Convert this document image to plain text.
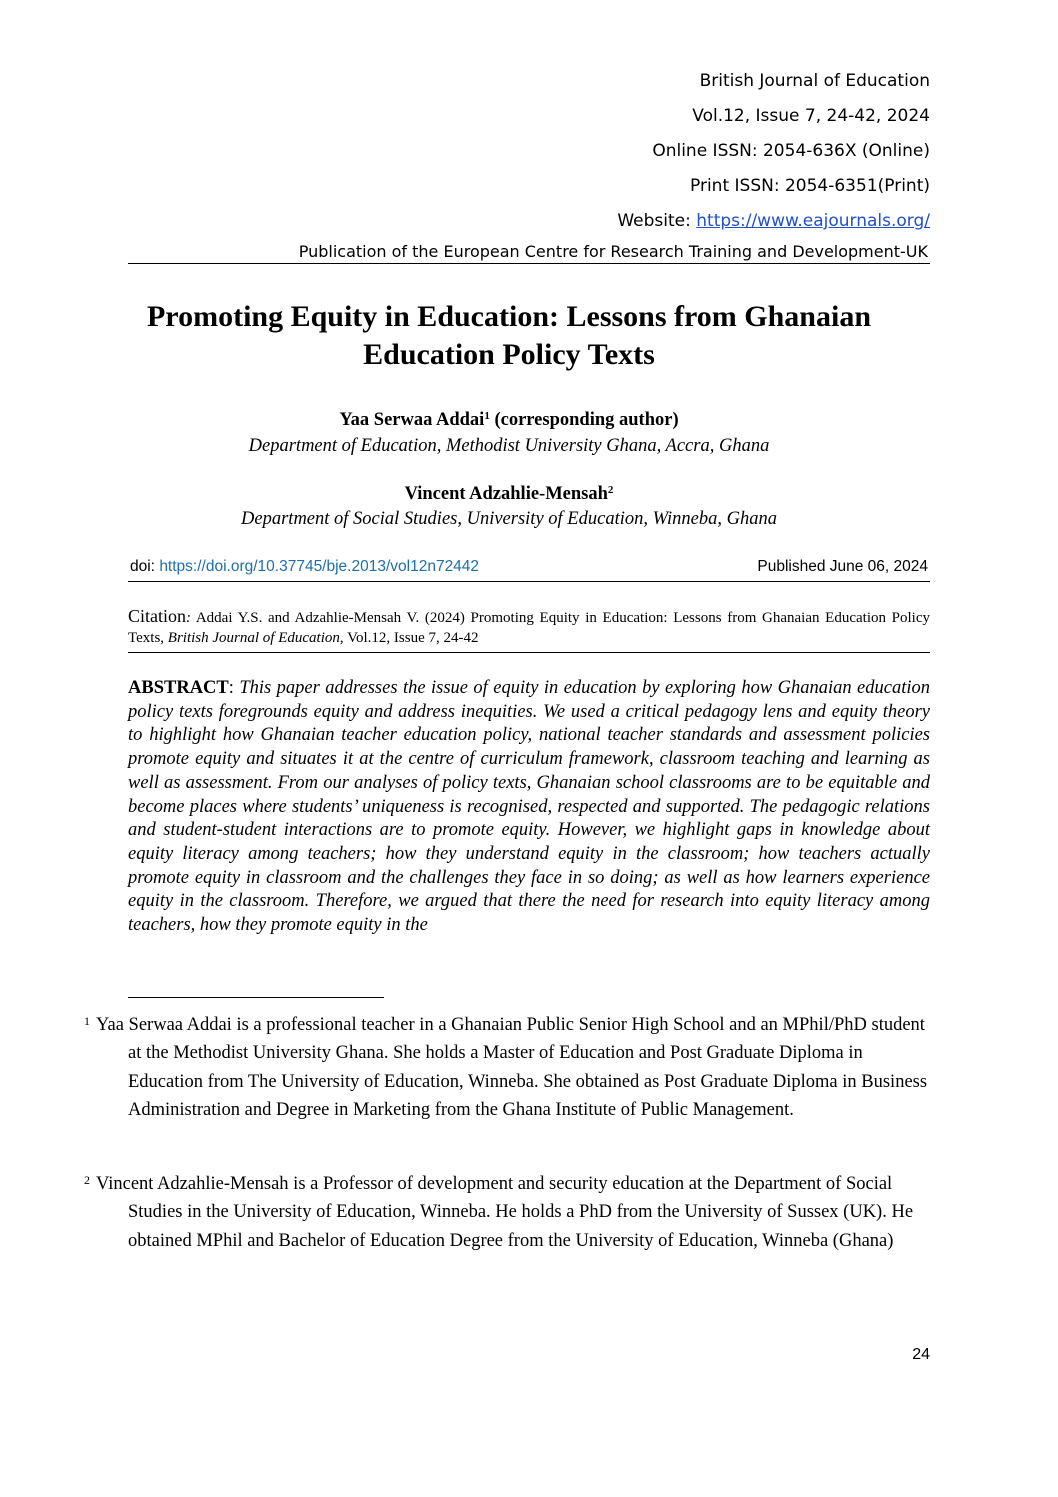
British Journal of Education
Vol.12, Issue 7, 24-42, 2024
Online ISSN: 2054-636X (Online)
Print ISSN: 2054-6351(Print)
Website: https://www.eajournals.org/
Publication of the European Centre for Research Training and Development-UK
Promoting Equity in Education: Lessons from Ghanaian
Education Policy Texts
Yaa Serwaa Addai$^1$ (corresponding author)
Department of Education, Methodist University Ghana, Accra, Ghana
Vincent Adzahlie-Mensah$^2$
Department of Social Studies, University of Education, Winneba, Ghana
doi: https://doi.org/10.37745/bje.2013/vol12n72442	Published June 06, 2024
Citation: Addai Y.S. and Adzahlie-Mensah V. (2024) Promoting Equity in Education: Lessons from Ghanaian Education Policy Texts, British Journal of Education, Vol.12, Issue 7, 24-42
ABSTRACT: This paper addresses the issue of equity in education by exploring how Ghanaian education policy texts foregrounds equity and address inequities. We used a critical pedagogy lens and equity theory to highlight how Ghanaian teacher education policy, national teacher standards and assessment policies promote equity and situates it at the centre of curriculum framework, classroom teaching and learning as well as assessment. From our analyses of policy texts, Ghanaian school classrooms are to be equitable and become places where students’ uniqueness is recognised, respected and supported. The pedagogic relations and student-student interactions are to promote equity. However, we highlight gaps in knowledge about equity literacy among teachers; how they understand equity in the classroom; how teachers actually promote equity in classroom and the challenges they face in so doing; as well as how learners experience equity in the classroom. Therefore, we argued that there the need for research into equity literacy among teachers, how they promote equity in the
1 Yaa Serwaa Addai is a professional teacher in a Ghanaian Public Senior High School and an MPhil/PhD student at the Methodist University Ghana. She holds a Master of Education and Post Graduate Diploma in Education from The University of Education, Winneba. She obtained as Post Graduate Diploma in Business Administration and Degree in Marketing from the Ghana Institute of Public Management.
2 Vincent Adzahlie-Mensah is a Professor of development and security education at the Department of Social Studies in the University of Education, Winneba. He holds a PhD from the University of Sussex (UK). He obtained MPhil and Bachelor of Education Degree from the University of Education, Winneba (Ghana)
24
